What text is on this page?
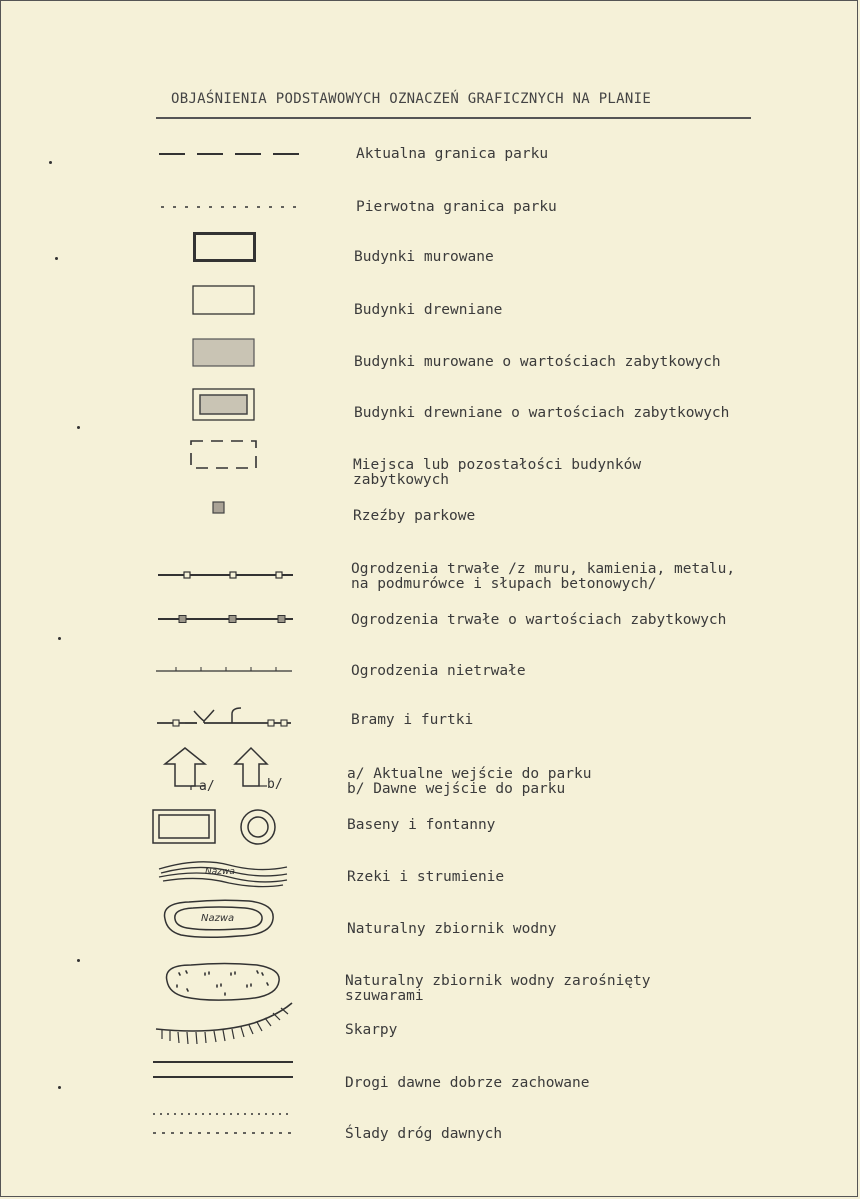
OBJAŚNIENIA PODSTAWOWYCH OZNACZEŃ GRAFICZNYCH NA PLANIE
Aktualna granica parku
Pierwotna granica parku
Budynki murowane
Budynki drewniane
Budynki murowane o wartościach zabytkowych
Budynki drewniane o wartościach zabytkowych
Miejsca lub pozostałości budynków
zabytkowych
Rzeźby parkowe
Ogrodzenia trwałe /z muru, kamienia, metalu,
na podmurówce i słupach betonowych/
Ogrodzenia trwałe o wartościach zabytkowych
Ogrodzenia nietrwałe
Bramy i furtki
a/	b/
a/ Aktualne wejście do parku
b/ Dawne wejście do parku
Baseny i fontanny
Nazwa	Rzeki i strumienie
Nazwa
Naturalny zbiornik wodny
Naturalny zbiornik wodny zarośnięty
szuwarami
Skarpy
Drogi dawne dobrze zachowane
Ślady dróg dawnych
